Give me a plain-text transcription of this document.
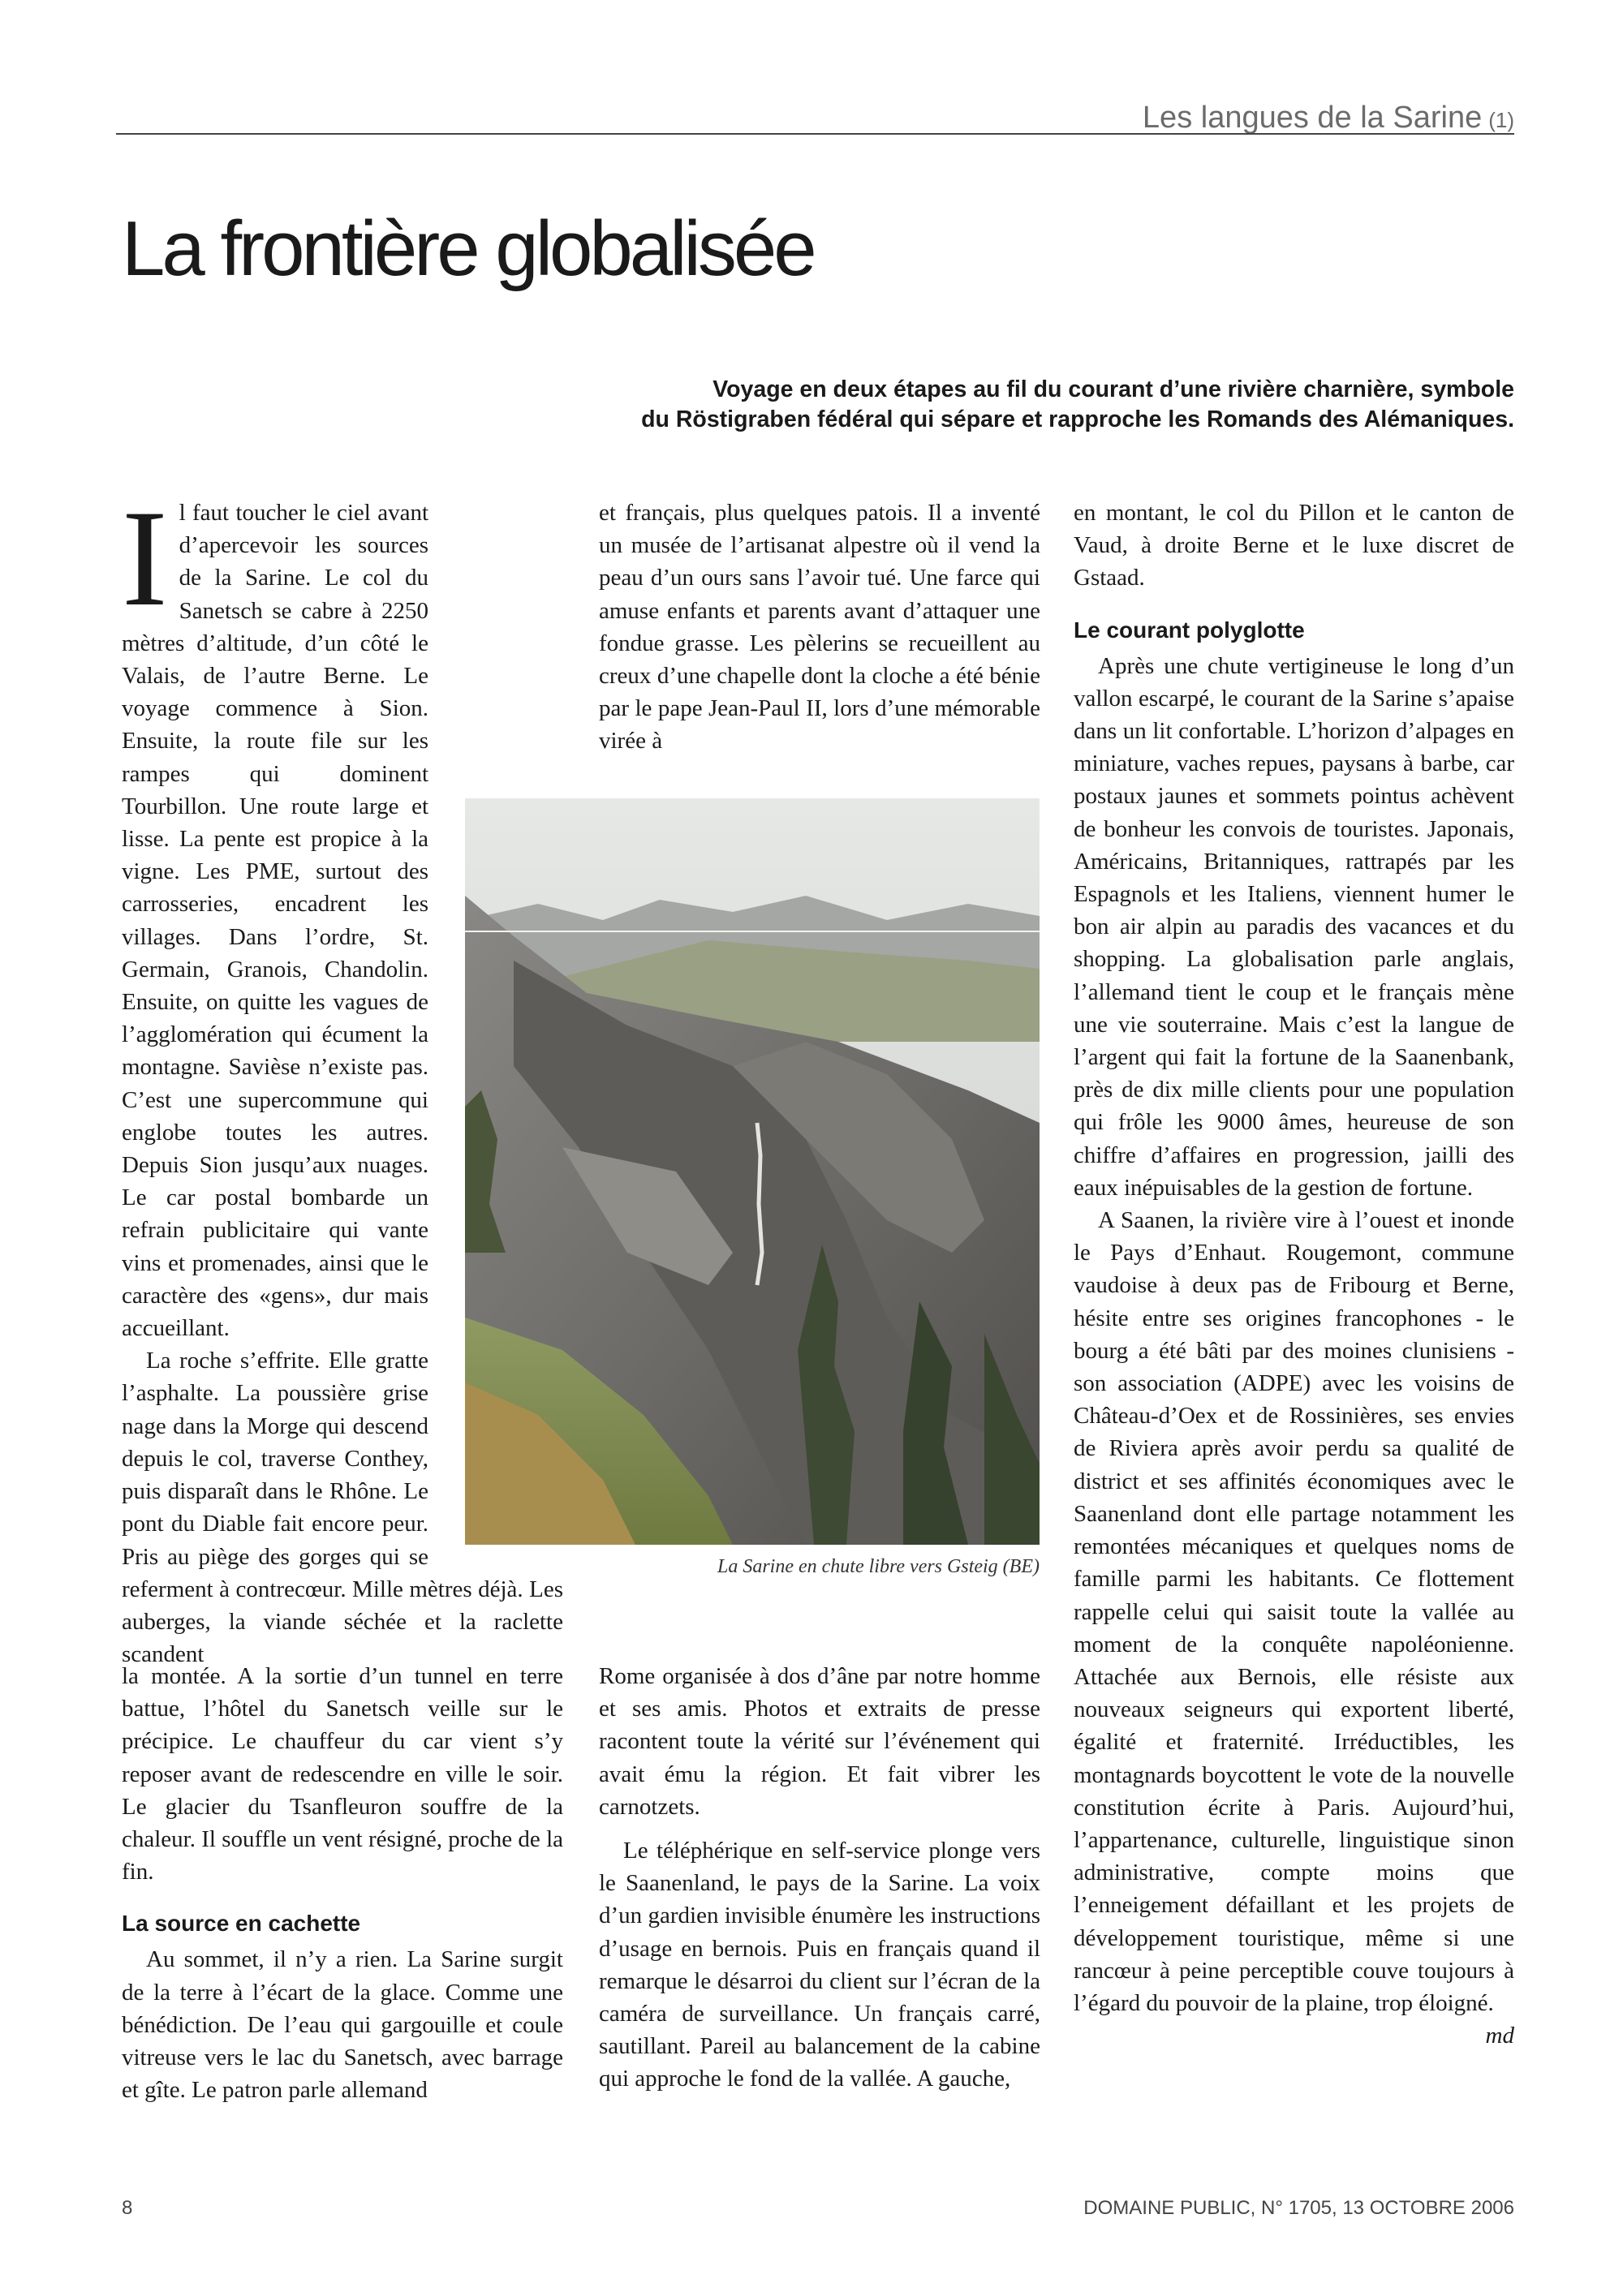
Les langues de la Sarine (1)
La frontière globalisée

Voyage en deux étapes au fil du courant d’une rivière charnière, symbole
du Röstigraben fédéral qui sépare et rapproche les Romands des Alémaniques.

Il faut toucher le ciel avant d’apercevoir les sources de la Sarine. Le col du Sanetsch se cabre à 2250 mètres d’altitude, d’un côté le Valais, de l’autre Berne. Le voyage commence à Sion. Ensuite, la route file sur les rampes qui dominent Tourbillon. Une route large et lisse. La pente est propice à la vigne. Les PME, surtout des carrosseries, encadrent les villages. Dans l’ordre, St. Germain, Granois, Chandolin. Ensuite, on quitte les vagues de l’agglomération qui écument la montagne. Savièse n’existe pas. C’est une supercommune qui englobe toutes les autres. Depuis Sion jusqu’aux nuages. Le car postal bombarde un refrain publicitaire qui vante vins et promenades, ainsi que le caractère des «gens», dur mais accueillant.

La roche s’effrite. Elle gratte l’asphalte. La poussière grise nage dans la Morge qui descend depuis le col, traverse Conthey, puis disparaît dans le Rhône. Le pont du Diable fait encore peur. Pris au piège des gorges qui se referment à contrecœur. Mille mètres déjà. Les auberges, la viande séchée et la raclette scandent

la montée. A la sortie d’un tunnel en terre battue, l’hôtel du Sanetsch veille sur le précipice. Le chauffeur du car vient s’y reposer avant de redescendre en ville le soir. Le glacier du Tsanfleuron souffre de la chaleur. Il souffle un vent résigné, proche de la fin.

La source en cachette

Au sommet, il n’y a rien. La Sarine surgit de la terre à l’écart de la glace. Comme une bénédiction. De l’eau qui gargouille et coule vitreuse vers le lac du Sanetsch, avec barrage et gîte. Le patron parle allemand

et français, plus quelques patois. Il a inventé un musée de l’artisanat alpestre où il vend la peau d’un ours sans l’avoir tué. Une farce qui amuse enfants et parents avant d’attaquer une fondue grasse. Les pèlerins se recueillent au creux d’une chapelle dont la cloche a été bénie par le pape Jean-Paul II, lors d’une mémorable virée à

Rome organisée à dos d’âne par notre homme et ses amis. Photos et extraits de presse racontent toute la vérité sur l’événement qui avait ému la région. Et fait vibrer les carnotzets.

Le téléphérique en self-service plonge vers le Saanenland, le pays de la Sarine. La voix d’un gardien invisible énumère les instructions d’usage en bernois. Puis en français quand il remarque le désarroi du client sur l’écran de la caméra de surveillance. Un français carré, sautillant. Pareil au balancement de la cabine qui approche le fond de la vallée. A gauche,

en montant, le col du Pillon et le canton de Vaud, à droite Berne et le luxe discret de Gstaad.

Le courant polyglotte

Après une chute vertigineuse le long d’un vallon escarpé, le courant de la Sarine s’apaise dans un lit confortable. L’horizon d’alpages en miniature, vaches repues, paysans à barbe, car postaux jaunes et sommets pointus achèvent de bonheur les convois de touristes. Japonais, Américains, Britanniques, rattrapés par les Espagnols et les Italiens, viennent humer le bon air alpin au paradis des vacances et du shopping. La globalisation parle anglais, l’allemand tient le coup et le français mène une vie souterraine. Mais c’est la langue de l’argent qui fait la fortune de la Saanenbank, près de dix mille clients pour une population qui frôle les 9000 âmes, heureuse de son chiffre d’affaires en progression, jailli des eaux inépuisables de la gestion de fortune.

A Saanen, la rivière vire à l’ouest et inonde le Pays d’Enhaut. Rougemont, commune vaudoise à deux pas de Fribourg et Berne, hésite entre ses origines francophones - le bourg a été bâti par des moines clunisiens - son association (ADPE) avec les voisins de Château-d’Oex et de Rossinières, ses envies de Riviera après avoir perdu sa qualité de district et ses affinités économiques avec le Saanenland dont elle partage notamment les remontées mécaniques et quelques noms de famille parmi les habitants. Ce flottement rappelle celui qui saisit toute la vallée au moment de la conquête napoléonienne. Attachée aux Bernois, elle résiste aux nouveaux seigneurs qui exportent liberté, égalité et fraternité. Irréductibles, les montagnards boycottent le vote de la nouvelle constitution écrite à Paris. Aujourd’hui, l’appartenance, culturelle, linguistique sinon administrative, compte moins que l’enneigement défaillant et les projets de développement touristique, même si une rancœur à peine perceptible couve toujours à l’égard du pouvoir de la plaine, trop éloigné.
md

La Sarine en chute libre vers Gsteig (BE)
8	DOMAINE PUBLIC, N° 1705, 13 OCTOBRE 2006
